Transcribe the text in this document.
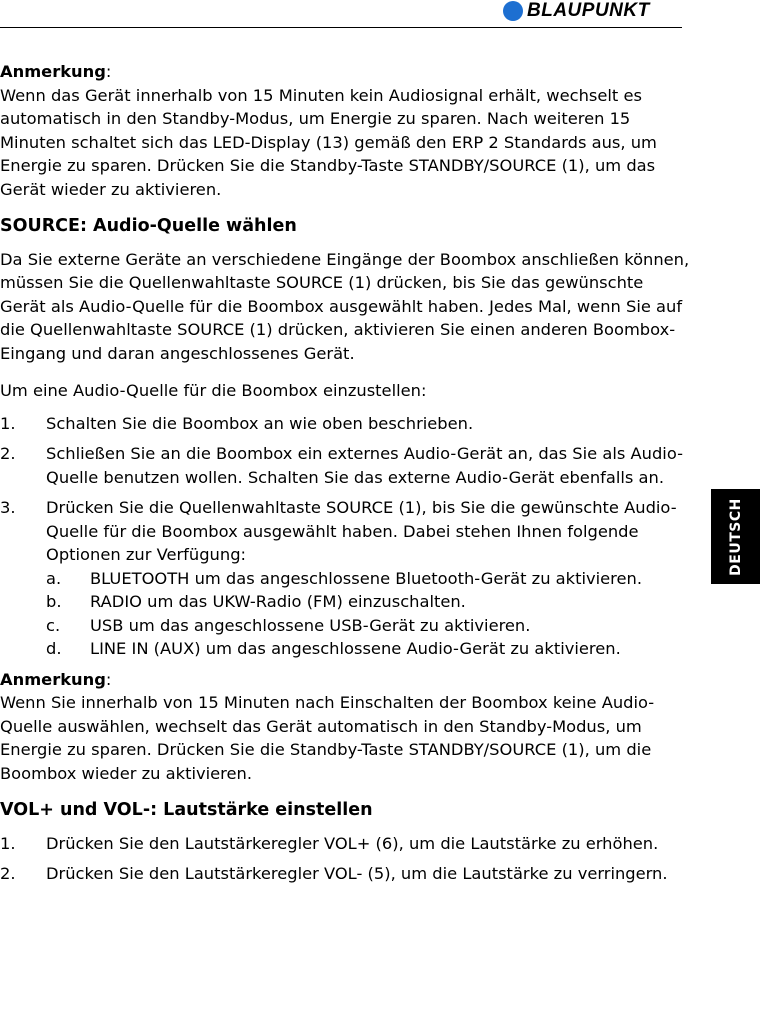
BLAUPUNKT
DEUTSCH

Anmerkung:

Wenn das Gerät innerhalb von 15 Minuten kein Audiosignal erhält, wechselt es automatisch in den Standby-Modus, um Energie zu sparen. Nach weiteren 15 Minuten schaltet sich das LED-Display (13) gemäß den ERP 2 Standards aus, um Energie zu sparen. Drücken Sie die Standby-Taste STANDBY/SOURCE (1), um das Gerät wieder zu aktivieren.

SOURCE: Audio-Quelle wählen

Da Sie externe Geräte an verschiedene Eingänge der Boombox anschließen können, müssen Sie die Quellenwahltaste SOURCE (1) drücken, bis Sie das gewünschte Gerät als Audio-Quelle für die Boombox ausgewählt haben. Jedes Mal, wenn Sie auf die Quellenwahltaste SOURCE (1) drücken, aktivieren Sie einen anderen Boombox-Eingang und daran angeschlossenes Gerät.

Um eine Audio-Quelle für die Boombox einzustellen:

1.	Schalten Sie die Boombox an wie oben beschrieben.
2.	Schließen Sie an die Boombox ein externes Audio-Gerät an, das Sie als Audio-Quelle benutzen wollen. Schalten Sie das externe Audio-Gerät ebenfalls an.
3.	Drücken Sie die Quellenwahltaste SOURCE (1), bis Sie die gewünschte Audio-Quelle für die Boombox ausgewählt haben. Dabei stehen Ihnen folgende Optionen zur Verfügung:
a.	BLUETOOTH um das angeschlossene Bluetooth-Gerät zu aktivieren.
b.	RADIO um das UKW-Radio (FM) einzuschalten.
c.	USB um das angeschlossene USB-Gerät zu aktivieren.
d.	LINE IN (AUX) um das angeschlossene Audio-Gerät zu aktivieren.

Anmerkung:

Wenn Sie innerhalb von 15 Minuten nach Einschalten der Boombox keine Audio-Quelle auswählen, wechselt das Gerät automatisch in den Standby-Modus, um Energie zu sparen. Drücken Sie die Standby-Taste STANDBY/SOURCE (1), um die Boombox wieder zu aktivieren.

VOL+ und VOL-: Lautstärke einstellen
1.	Drücken Sie den Lautstärkeregler VOL+ (6), um die Lautstärke zu erhöhen.
2.	Drücken Sie den Lautstärkeregler VOL- (5), um die Lautstärke zu verringern.
